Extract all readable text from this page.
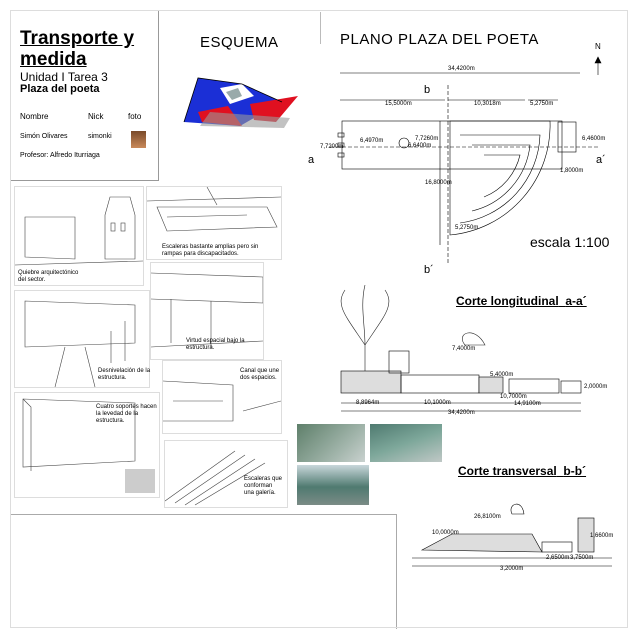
Transporte y medida
Unidad I Tarea 3
Plaza del poeta
Nombre	Nick	foto
Simón Olivares	simonki
Profesor: Alfredo Iturriaga
ESQUEMA	PLANO PLAZA DEL POETA	N
34,4200m
15,5000m	10,3018m	5,2750m
6,4600m
7,7200m
6,4970m	7,7260m
6,6400m
16,8000m
5,2750m
1,8000m
a	a´
b
b´
escala 1:100
Quiebre arquitectónico del sector.
Escaleras bastante amplias pero sin rampas para discapacitados.
Desnivelación de la estructura.
Virtud espacial bajo la estructura.
Canal que une dos espacios.
Cuatro soportes hacen la levedad de la estructura.
Escaleras que conforman una galería.
Corte longitudinal a-a´
8,8964m	10,1000m
34,4200m
10,7000m
14,9100m
2,0000m
7,4000m
5,4000m
Corte transversal b-b´
26,8100m
10,0000m
2,6500m 3,7500m
1,6600m
3,2000m
